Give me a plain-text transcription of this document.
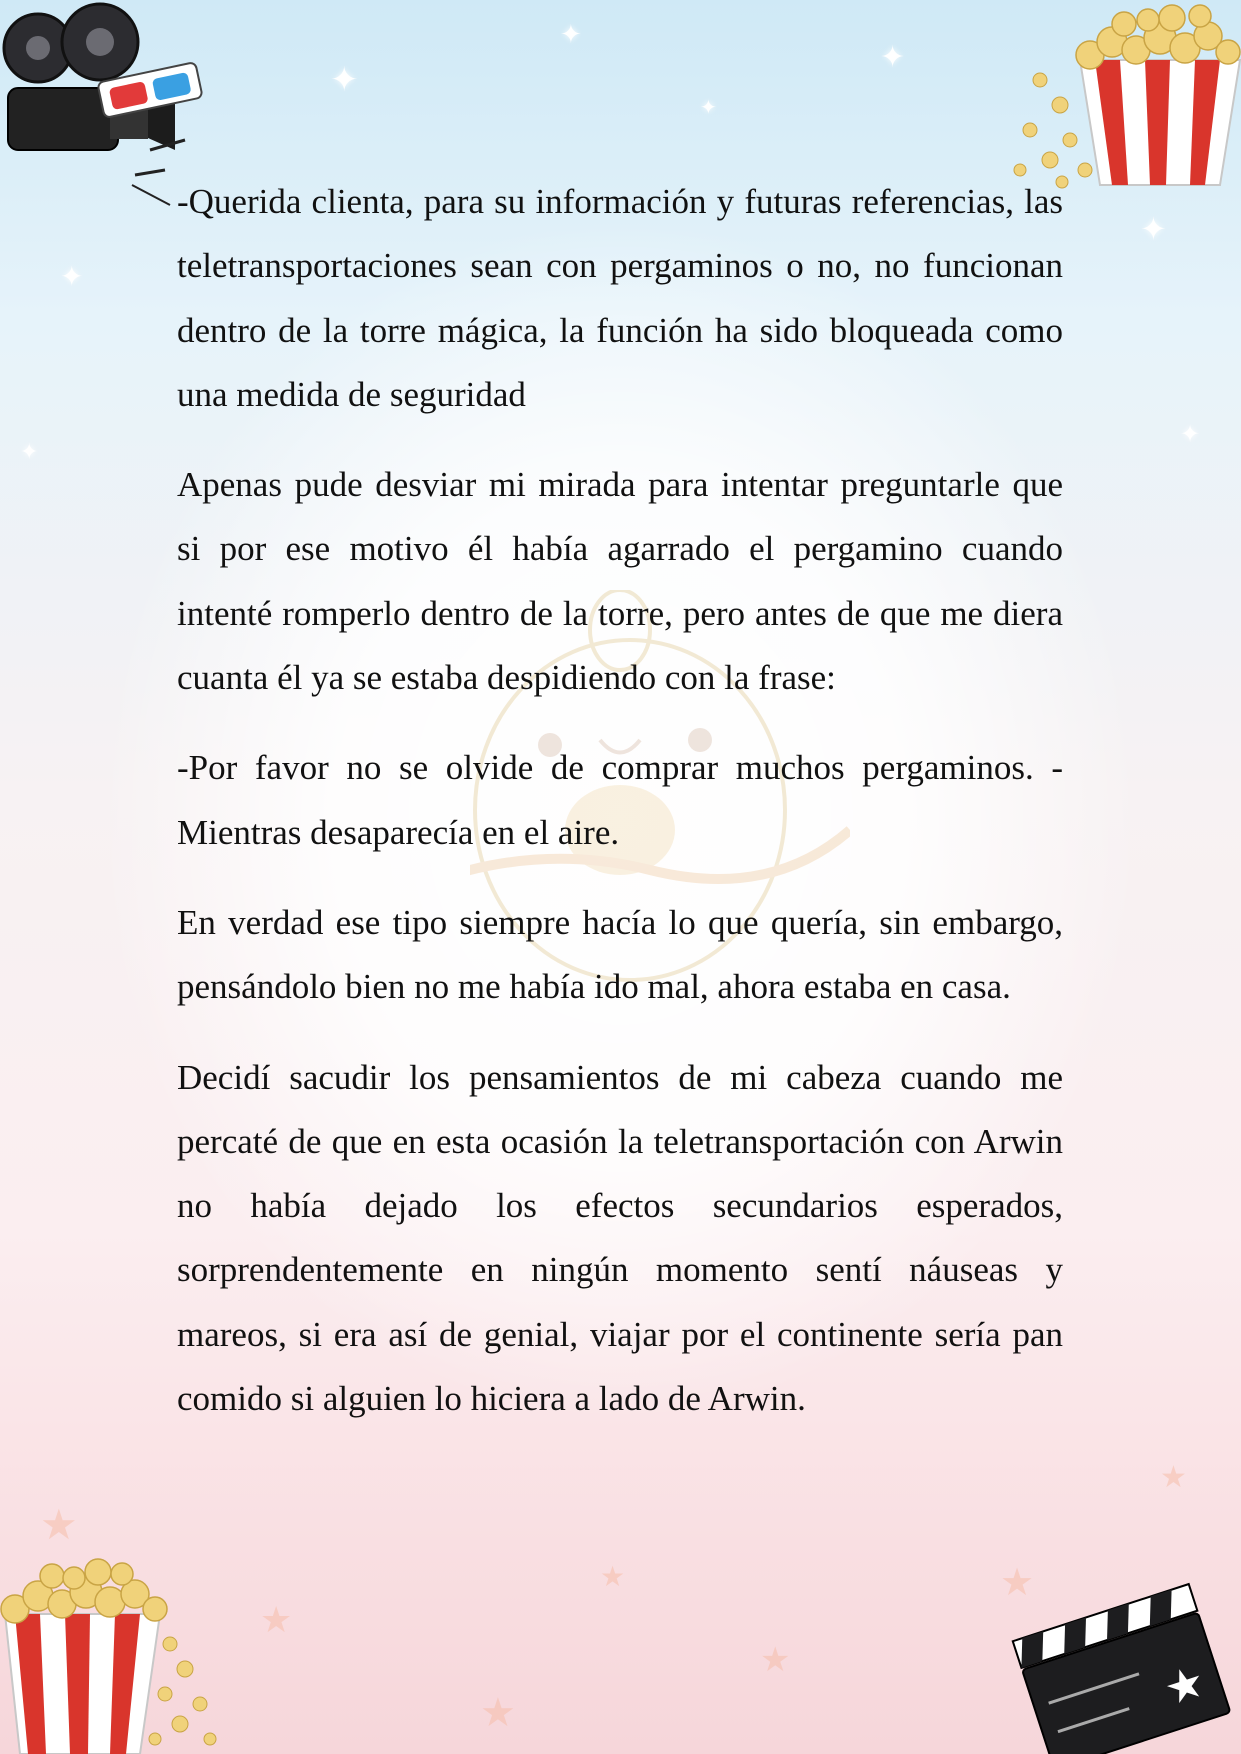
✦
✦
✦
✦
✦
✦
✦
✦
★
★
★
★
★
★
★
★

-Querida clienta, para su información y futuras referencias, las teletransportaciones sean con pergaminos o no, no funcionan dentro de la torre mágica, la función ha sido bloqueada como una medida de seguridad

Apenas pude desviar mi mirada para intentar preguntarle que si por ese motivo él había agarrado el pergamino cuando intenté romperlo dentro de la torre, pero antes de que me diera cuanta él ya se estaba despidiendo con la frase:

-Por favor no se olvide de comprar muchos pergaminos. - Mientras desaparecía en el aire.

En verdad ese tipo siempre hacía lo que quería, sin embargo, pensándolo bien no me había ido mal, ahora estaba en casa.

Decidí sacudir los pensamientos de mi cabeza cuando me percaté de que en esta ocasión la teletransportación con Arwin no había dejado los efectos secundarios esperados, sorprendentemente en ningún momento sentí náuseas y mareos, si era así de genial, viajar por el continente sería pan comido si alguien lo hiciera a lado de Arwin.
